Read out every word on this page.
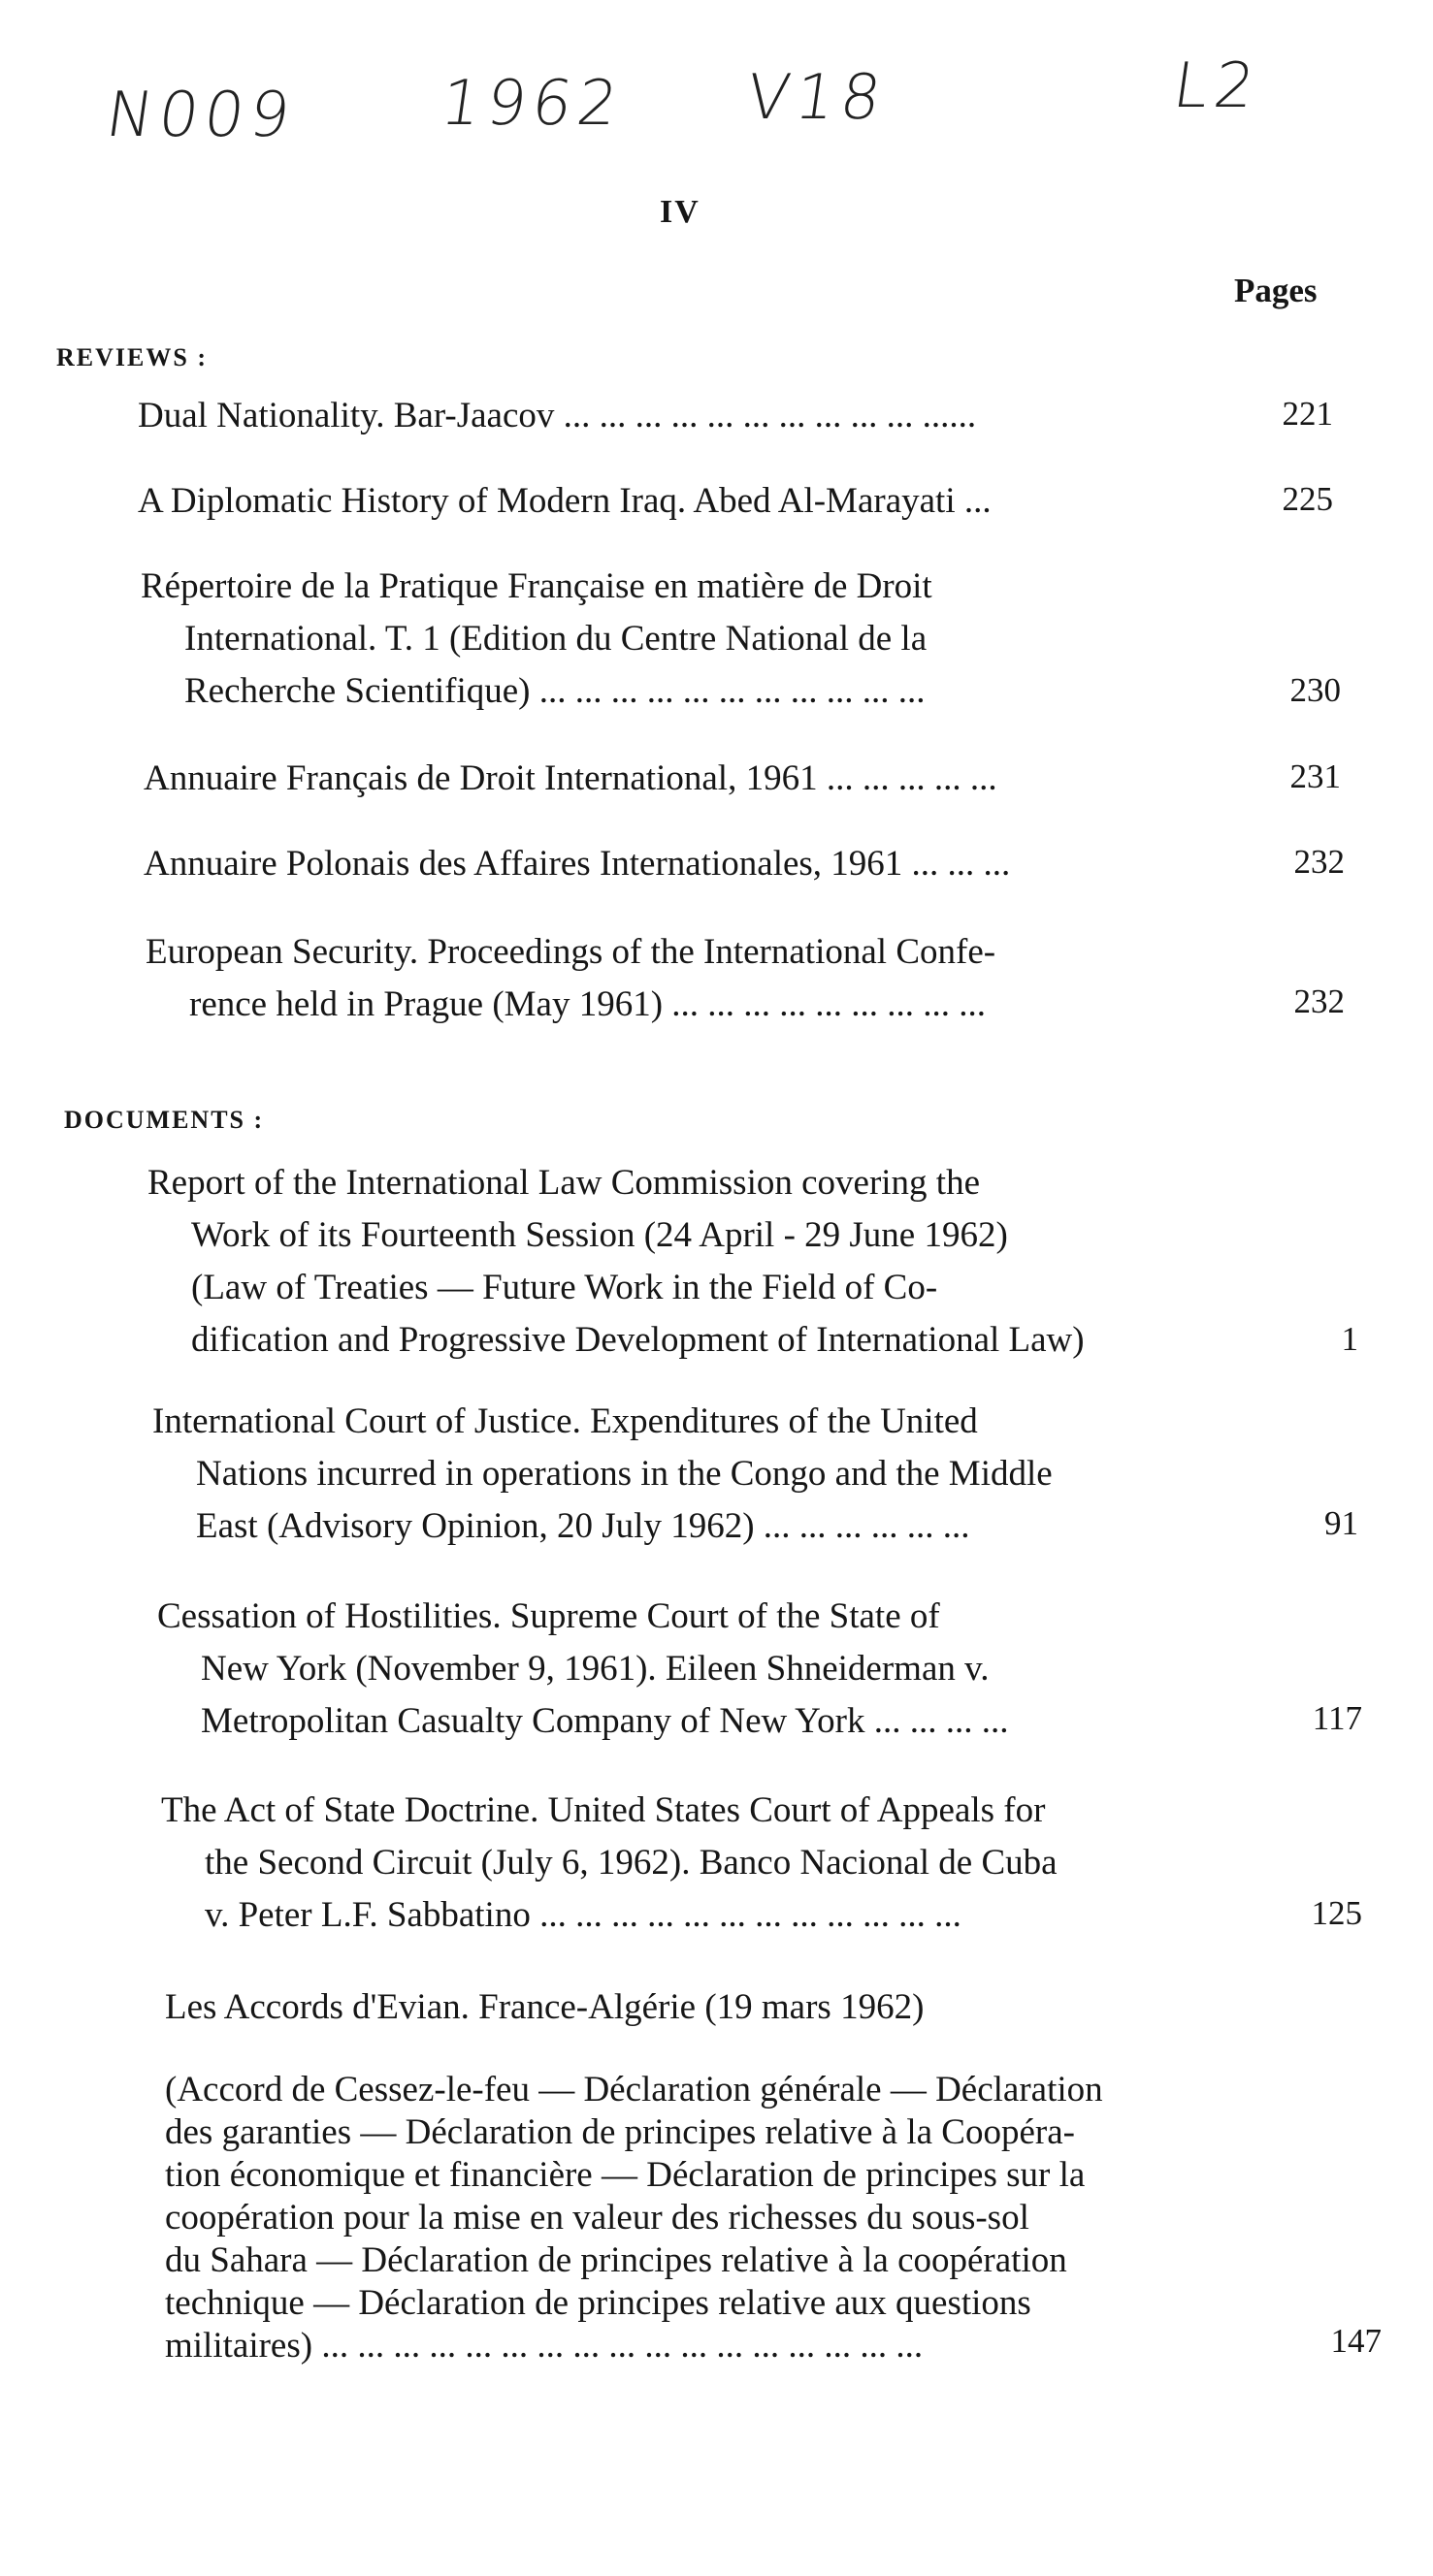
N009 1962 V18	L2
IV
Pages
REVIEWS :
Dual Nationality. Bar-Jaacov ... ... ... ... ... ... ... ... ... ... ......	221
A Diplomatic History of Modern Iraq. Abed Al-Marayati ...	225
Répertoire de la Pratique Française en matière de Droit
International. T. 1 (Edition du Centre National de la
Recherche Scientifique) ... ... ... ... ... ... ... ... ... ... ...	230
Annuaire Français de Droit International, 1961 ... ... ... ... ...	231
Annuaire Polonais des Affaires Internationales, 1961 ... ... ...	232
European Security. Proceedings of the International Confe-
rence held in Prague (May 1961) ... ... ... ... ... ... ... ... ...	232
DOCUMENTS :
Report of the International Law Commission covering the
Work of its Fourteenth Session (24 April - 29 June 1962)
(Law of Treaties — Future Work in the Field of Co-
dification and Progressive Development of International Law)	1
International Court of Justice. Expenditures of the United
Nations incurred in operations in the Congo and the Middle
East (Advisory Opinion, 20 July 1962) ... ... ... ... ... ...	91
Cessation of Hostilities. Supreme Court of the State of
New York (November 9, 1961). Eileen Shneiderman v.
Metropolitan Casualty Company of New York ... ... ... ...	117
The Act of State Doctrine. United States Court of Appeals for
the Second Circuit (July 6, 1962). Banco Nacional de Cuba
v. Peter L.F. Sabbatino ... ... ... ... ... ... ... ... ... ... ... ...	125
Les Accords d'Evian. France-Algérie (19 mars 1962)
(Accord de Cessez-le-feu — Déclaration générale — Déclaration
des garanties — Déclaration de principes relative à la Coopéra-
tion économique et financière — Déclaration de principes sur la
coopération pour la mise en valeur des richesses du sous-sol
du Sahara — Déclaration de principes relative à la coopération
technique — Déclaration de principes relative aux questions
militaires) ... ... ... ... ... ... ... ... ... ... ... ... ... ... ... ... ...	147
